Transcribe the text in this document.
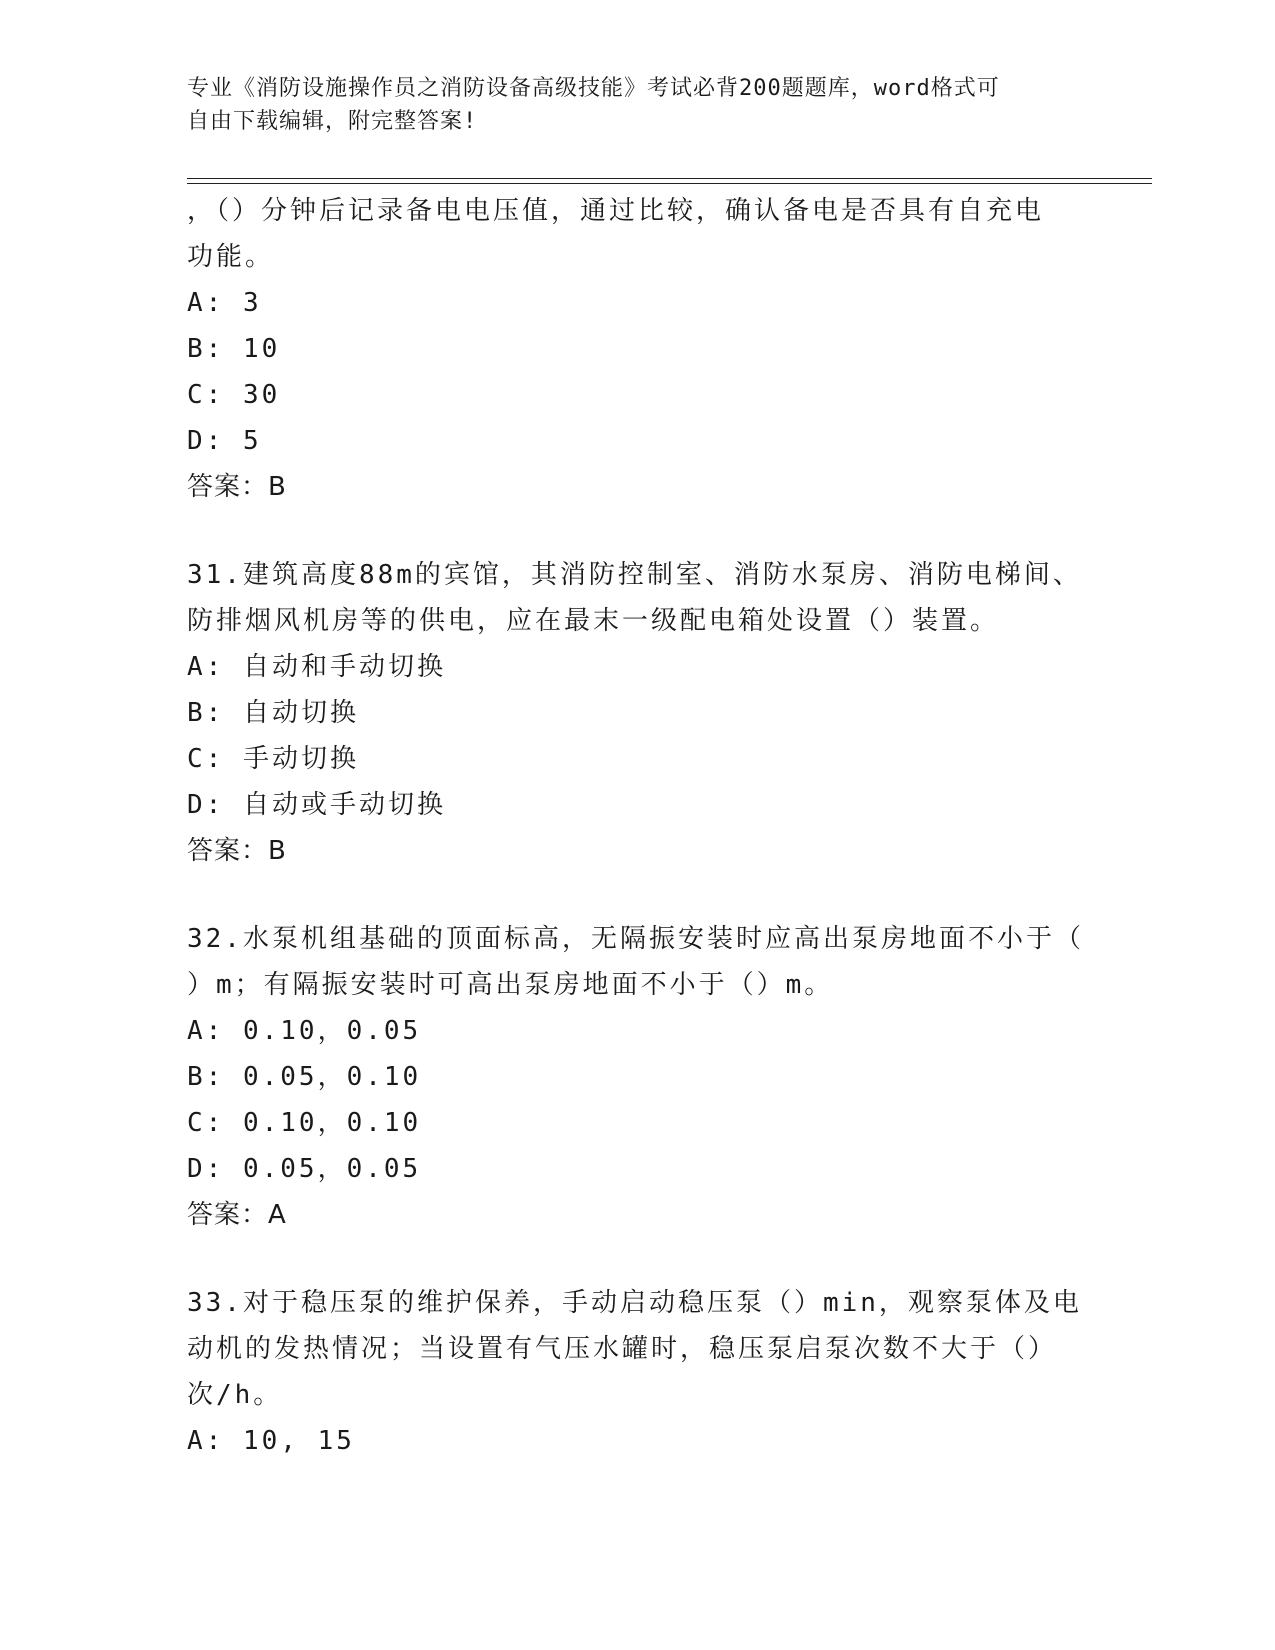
专业《消防设施操作员之消防设备高级技能》考试必背200题题库，word格式可
自由下载编辑，附完整答案!
，（）分钟后记录备电电压值，通过比较，确认备电是否具有自充电
功能。
A: 3
B: 10
C: 30
D: 5
答案：B
31.建筑高度88m的宾馆，其消防控制室、消防水泵房、消防电梯间、
防排烟风机房等的供电，应在最末一级配电箱处设置（）装置。
A: 自动和手动切换
B: 自动切换
C: 手动切换
D: 自动或手动切换
答案：B
32.水泵机组基础的顶面标高，无隔振安装时应高出泵房地面不小于（
）m；有隔振安装时可高出泵房地面不小于（）m。
A: 0.10，0.05
B: 0.05，0.10
C: 0.10，0.10
D: 0.05，0.05
答案：A
33.对于稳压泵的维护保养，手动启动稳压泵（）min，观察泵体及电
动机的发热情况；当设置有气压水罐时，稳压泵启泵次数不大于（）
次/h。
A: 10, 15
